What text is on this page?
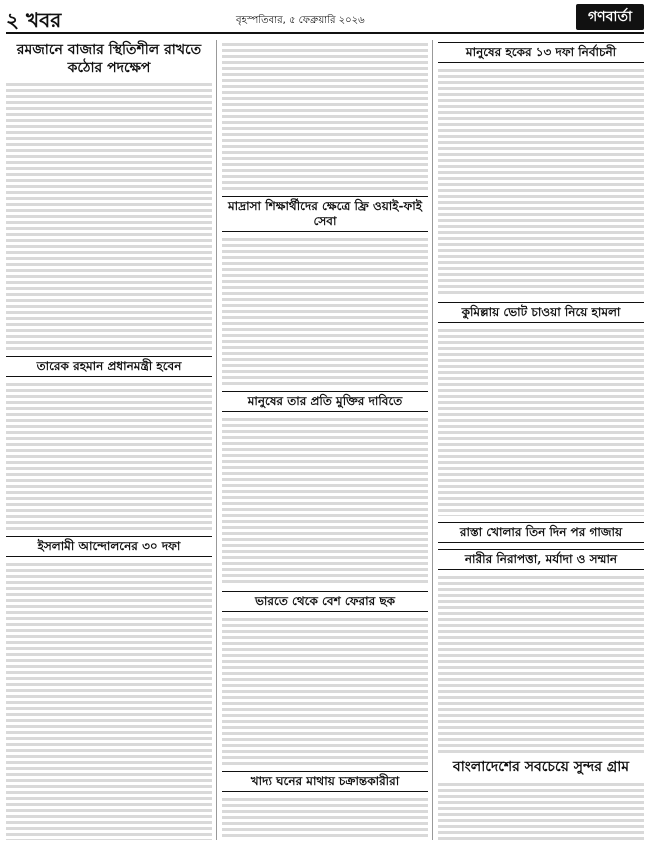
২ খবর	বৃহস্পতিবার, ৫ ফেব্রুয়ারি ২০২৬	গণবার্তা
রমজানে বাজার স্থিতিশীল রাখতে কঠোর পদক্ষেপ

তারেক রহমান প্রধানমন্ত্রী হবেন

ইসলামী আন্দোলনের ৩০ দফা

মাদ্রাসা শিক্ষার্থীদের ক্ষেত্রে ফ্রি ওয়াই-ফাই সেবা

মানুষের তার প্রতি মুক্তির দাবিতে

ভারতে থেকে বেশ ফেরার ছক

খাদ্য ঘনের মাথায় চক্রান্তকারীরা

মানুষের হকের ১৩ দফা নির্বাচনী

কুমিল্লায় ভোট চাওয়া নিয়ে হামলা

রাস্তা খোলার তিন দিন পর গাজায়
নারীর নিরাপত্তা, মর্যাদা ও সম্মান

বাংলাদেশের সবচেয়ে সুন্দর গ্রাম
